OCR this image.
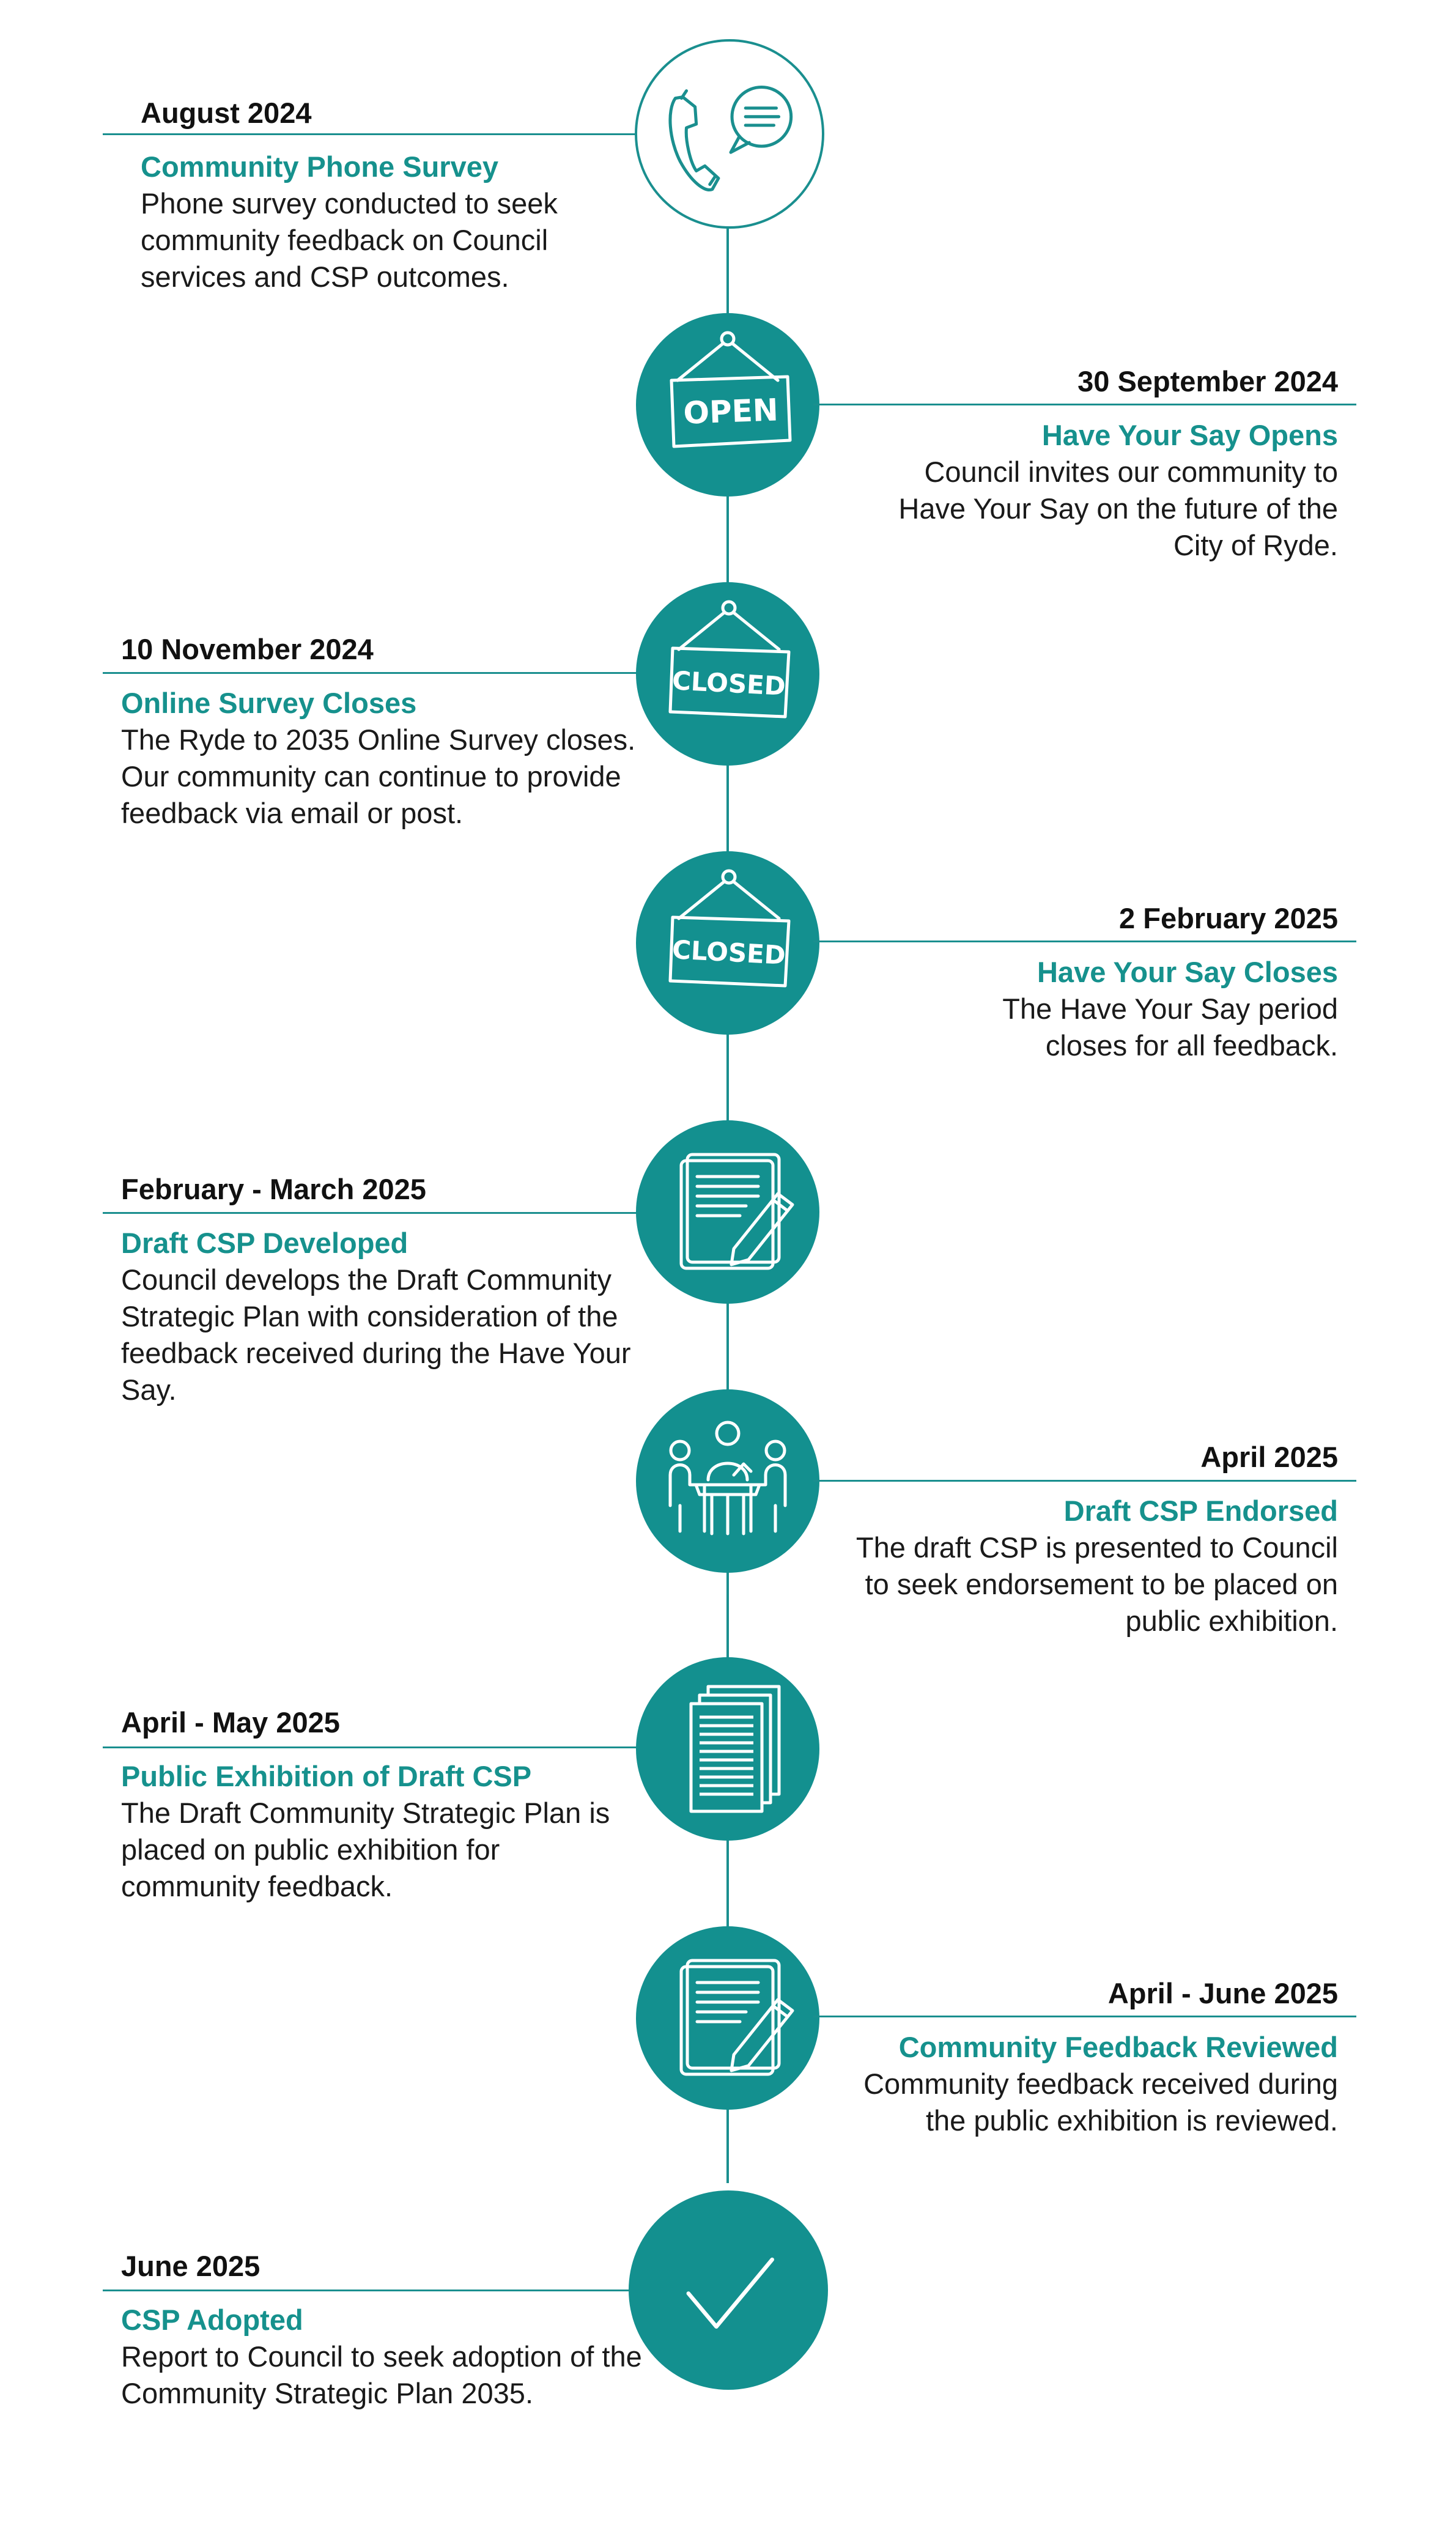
August 2024
Community Phone Survey
Phone survey conducted to seek community feedback on Council services and CSP outcomes.
OPEN
30 September 2024
Have Your Say Opens
Council invites our community to Have Your Say on the future of the City of Ryde.
CLOSED
10 November 2024
Online Survey Closes
The Ryde to 2035 Online Survey closes. Our community can continue to provide feedback via email or post.
CLOSED
2 February 2025
Have Your Say Closes
The Have Your Say period closes for all feedback.
February - March 2025
Draft CSP Developed
Council develops the Draft Community Strategic Plan with consideration of the feedback received during the Have Your Say.
April 2025
Draft CSP Endorsed
The draft CSP is presented to Council to seek endorsement to be placed on public exhibition.
April - May 2025
Public Exhibition of Draft CSP
The Draft Community Strategic Plan is placed on public exhibition for community feedback.
April - June 2025
Community Feedback Reviewed
Community feedback received during the public exhibition is reviewed.
June 2025
CSP Adopted
Report to Council to seek adoption of the Community Strategic Plan 2035.
